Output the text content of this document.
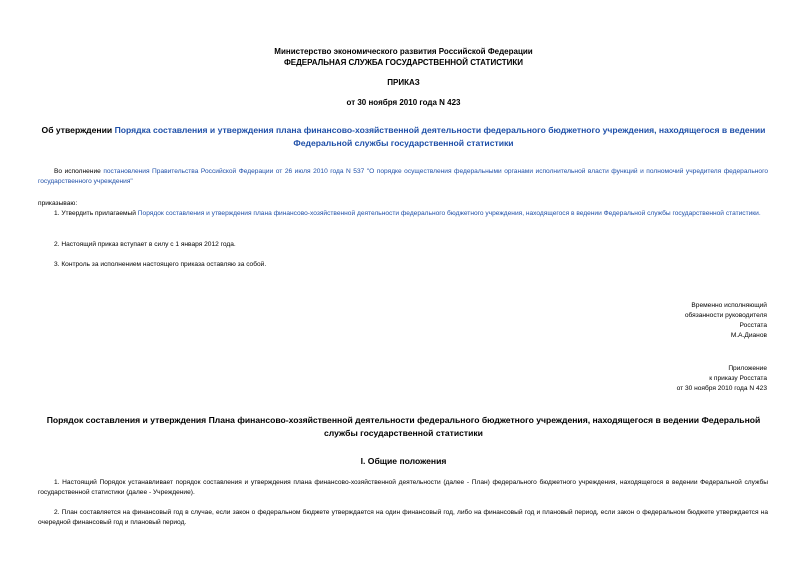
Министерство экономического развития Российской Федерации
ФЕДЕРАЛЬНАЯ СЛУЖБА ГОСУДАРСТВЕННОЙ СТАТИСТИКИ
ПРИКАЗ
от 30 ноября 2010 года N 423
Об утверждении Порядка составления и утверждения плана финансово-хозяйственной деятельности федерального бюджетного учреждения, находящегося в ведении Федеральной службы государственной статистики
Во исполнение постановления Правительства Российской Федерации от 26 июля 2010 года N 537 "О порядке осуществления федеральными органами исполнительной власти функций и полномочий учредителя федерального государственного учреждения"
приказываю:
1. Утвердить прилагаемый Порядок составления и утверждения плана финансово-хозяйственной деятельности федерального бюджетного учреждения, находящегося в ведении Федеральной службы государственной статистики.
2. Настоящий приказ вступает в силу с 1 января 2012 года.
3. Контроль за исполнением настоящего приказа оставляю за собой.
Временно исполняющий
обязанности руководителя
Росстата
М.А.Дианов
Приложение
к приказу Росстата
от 30 ноября 2010 года N 423
Порядок составления и утверждения Плана финансово-хозяйственной деятельности федерального бюджетного учреждения, находящегося в ведении Федеральной службы государственной статистики
I. Общие положения
1. Настоящий Порядок устанавливает порядок составления и утверждения плана финансово-хозяйственной деятельности (далее - План) федерального бюджетного учреждения, находящегося в ведении Федеральной службы государственной статистики (далее - Учреждение).
2. План составляется на финансовый год в случае, если закон о федеральном бюджете утверждается на один финансовый год, либо на финансовый год и плановый период, если закон о федеральном бюджете утверждается на очередной финансовый год и плановый период.
